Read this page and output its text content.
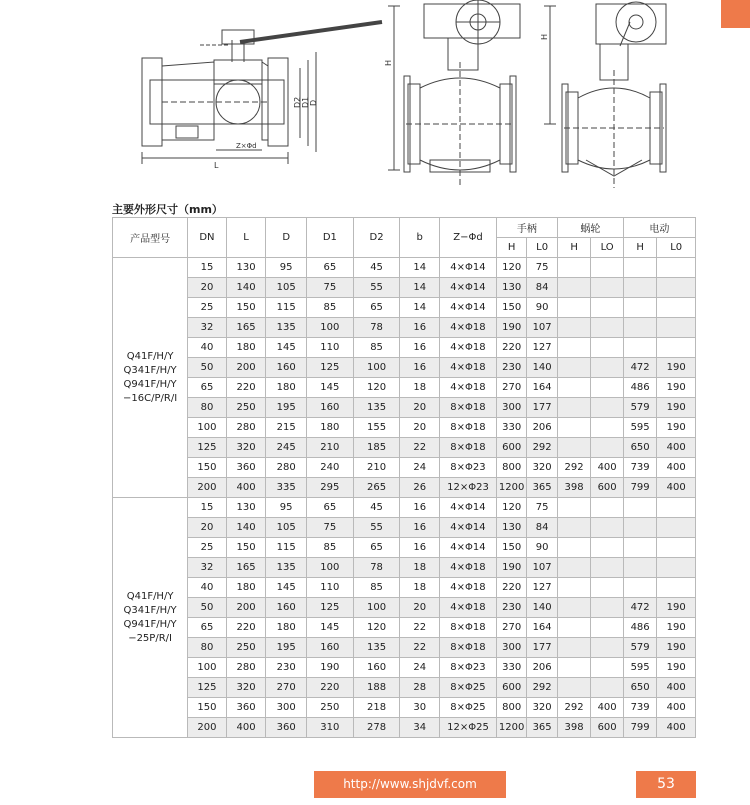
D2 D1 D
Z×Φd
L
H
H
主要外形尺寸（mm）
产品型号	DN	L	D	D1	D2	b	Z−Φd	手柄		蜗轮		电动	
								H	L0	H	LO	H	L0

Q41F/H/Y
Q341F/H/Y
Q941F/H/Y
−16C/P/R/I	15	130	95	65	45	14	4×Φ14	120	75				
	20	140	105	75	55	14	4×Φ14	130	84				
	25	150	115	85	65	14	4×Φ14	150	90				
	32	165	135	100	78	16	4×Φ18	190	107				
	40	180	145	110	85	16	4×Φ18	220	127				
	50	200	160	125	100	16	4×Φ18	230	140			472	190
	65	220	180	145	120	18	4×Φ18	270	164			486	190
	80	250	195	160	135	20	8×Φ18	300	177			579	190
	100	280	215	180	155	20	8×Φ18	330	206			595	190
	125	320	245	210	185	22	8×Φ18	600	292			650	400
	150	360	280	240	210	24	8×Φ23	800	320	292	400	739	400
	200	400	335	295	265	26	12×Φ23	1200	365	398	600	799	400

Q41F/H/Y
Q341F/H/Y
Q941F/H/Y
−25P/R/I	15	130	95	65	45	16	4×Φ14	120	75				
	20	140	105	75	55	16	4×Φ14	130	84				
	25	150	115	85	65	16	4×Φ14	150	90				
	32	165	135	100	78	18	4×Φ18	190	107				
	40	180	145	110	85	18	4×Φ18	220	127				
	50	200	160	125	100	20	4×Φ18	230	140			472	190
	65	220	180	145	120	22	8×Φ18	270	164			486	190
	80	250	195	160	135	22	8×Φ18	300	177			579	190
	100	280	230	190	160	24	8×Φ23	330	206			595	190
	125	320	270	220	188	28	8×Φ25	600	292			650	400
	150	360	300	250	218	30	8×Φ25	800	320	292	400	739	400
	200	400	360	310	278	34	12×Φ25	1200	365	398	600	799	400
http://www.shjdvf.com	53
